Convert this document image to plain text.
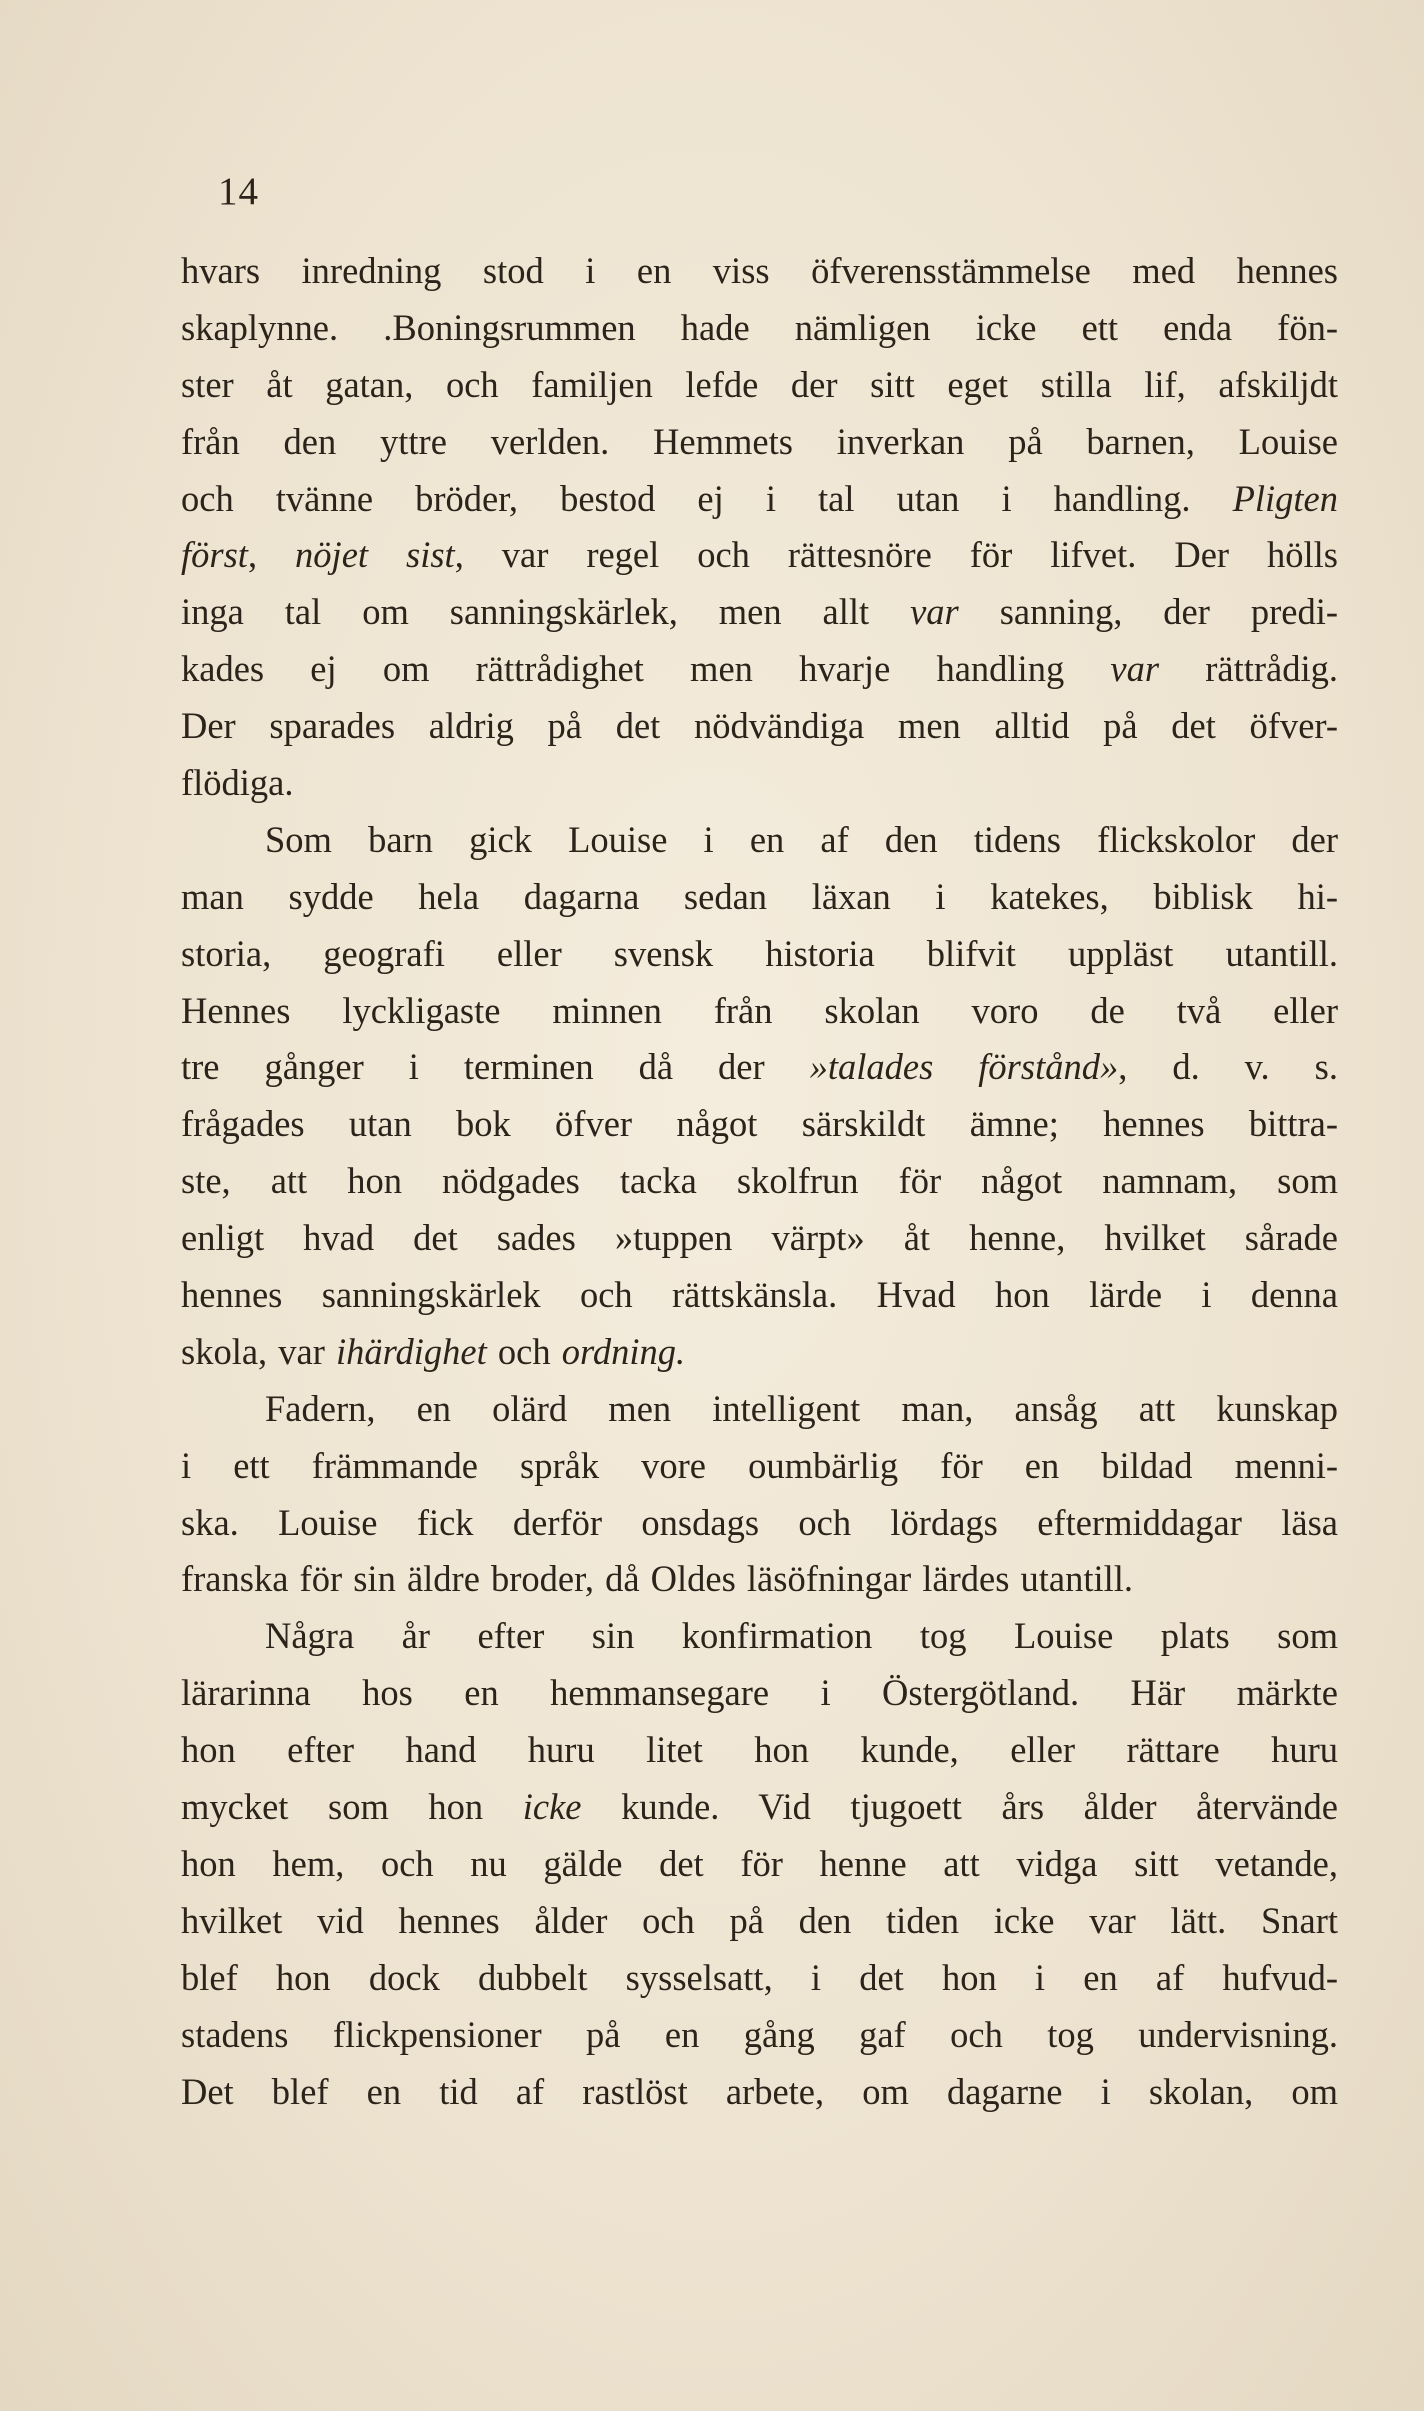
14
hvars inredning stod i en viss öfverensstämmelse med hennes
skaplynne. .Boningsrummen hade nämligen icke ett enda fön-
ster åt gatan, och familjen lefde der sitt eget stilla lif, afskiljdt
från den yttre verlden. Hemmets inverkan på barnen, Louise
och tvänne bröder, bestod ej i tal utan i handling. Pligten
först, nöjet sist, var regel och rättesnöre för lifvet. Der hölls
inga tal om sanningskärlek, men allt var sanning, der predi-
kades ej om rättrådighet men hvarje handling var rättrådig.
Der sparades aldrig på det nödvändiga men alltid på det öfver-
flödiga.
Som barn gick Louise i en af den tidens flickskolor der
man sydde hela dagarna sedan läxan i katekes, biblisk hi-
storia, geografi eller svensk historia blifvit uppläst utantill.
Hennes lyckligaste minnen från skolan voro de två eller
tre gånger i terminen då der »talades förstånd», d. v. s.
frågades utan bok öfver något särskildt ämne; hennes bittra-
ste, att hon nödgades tacka skolfrun för något namnam, som
enligt hvad det sades »tuppen värpt» åt henne, hvilket sårade
hennes sanningskärlek och rättskänsla. Hvad hon lärde i denna
skola, var ihärdighet och ordning.
Fadern, en olärd men intelligent man, ansåg att kunskap
i ett främmande språk vore oumbärlig för en bildad menni-
ska. Louise fick derför onsdags och lördags eftermiddagar läsa
franska för sin äldre broder, då Oldes läsöfningar lärdes utantill.
Några år efter sin konfirmation tog Louise plats som
lärarinna hos en hemmansegare i Östergötland. Här märkte
hon efter hand huru litet hon kunde, eller rättare huru
mycket som hon icke kunde. Vid tjugoett års ålder återvände
hon hem, och nu gälde det för henne att vidga sitt vetande,
hvilket vid hennes ålder och på den tiden icke var lätt. Snart
blef hon dock dubbelt sysselsatt, i det hon i en af hufvud-
stadens flickpensioner på en gång gaf och tog undervisning.
Det blef en tid af rastlöst arbete, om dagarne i skolan, om
